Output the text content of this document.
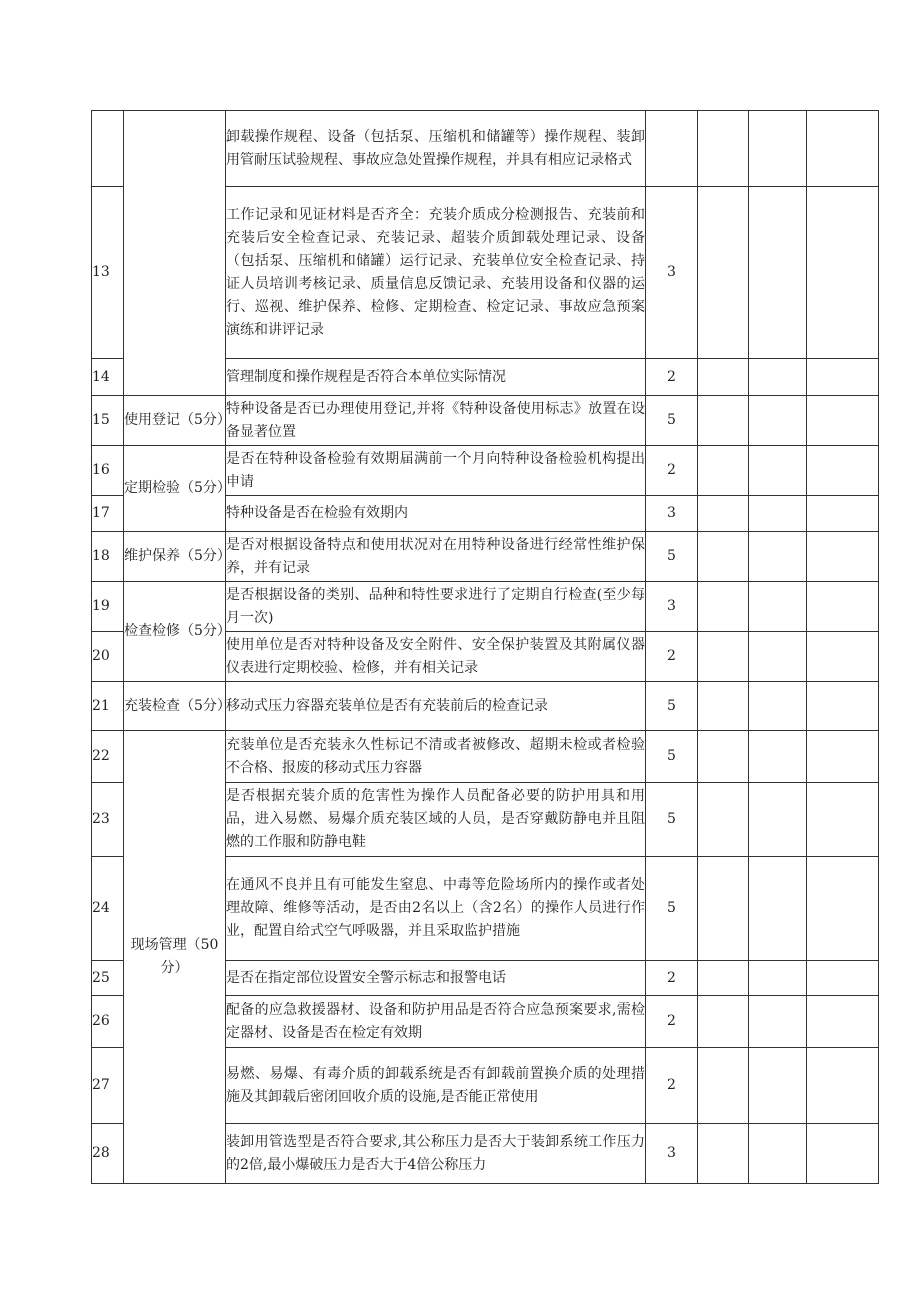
		卸载操作规程、设备（包括泵、压缩机和储罐等）操作规程、装卸用管耐压试验规程、事故应急处置操作规程，并具有相应记录格式				
13		工作记录和见证材料是否齐全：充装介质成分检测报告、充装前和充装后安全检查记录、充装记录、超装介质卸载处理记录、设备（包括泵、压缩机和储罐）运行记录、充装单位安全检查记录、持证人员培训考核记录、质量信息反馈记录、充装用设备和仪器的运行、巡视、维护保养、检修、定期检查、检定记录、事故应急预案演练和讲评记录	3			
14		管理制度和操作规程是否符合本单位实际情况	2			
15	使用登记（5分）	特种设备是否已办理使用登记,并将《特种设备使用标志》放置在设备显著位置	5			
16	定期检验（5分）	是否在特种设备检验有效期届满前一个月向特种设备检验机构提出申请	2			
17		特种设备是否在检验有效期内	3			
18	维护保养（5分）	是否对根据设备特点和使用状况对在用特种设备进行经常性维护保养，并有记录	5			
19	检查检修（5分）	是否根据设备的类别、品种和特性要求进行了定期自行检查(至少每月一次)	3			
20		使用单位是否对特种设备及安全附件、安全保护装置及其附属仪器仪表进行定期校验、检修，并有相关记录	2			
21	充装检查（5分）	移动式压力容器充装单位是否有充装前后的检查记录	5			
22	现场管理（50分）	充装单位是否充装永久性标记不清或者被修改、超期未检或者检验不合格、报废的移动式压力容器	5			
23		是否根据充装介质的危害性为操作人员配备必要的防护用具和用品，进入易燃、易爆介质充装区域的人员，是否穿戴防静电并且阻燃的工作服和防静电鞋	5			
24		在通风不良并且有可能发生窒息、中毒等危险场所内的操作或者处理故障、维修等活动，是否由2名以上（含2名）的操作人员进行作业，配置自给式空气呼吸器，并且采取监护措施	5			
25		是否在指定部位设置安全警示标志和报警电话	2			
26		配备的应急救援器材、设备和防护用品是否符合应急预案要求,需检定器材、设备是否在检定有效期	2			
27		易燃、易爆、有毒介质的卸载系统是否有卸载前置换介质的处理措施及其卸载后密闭回收介质的设施,是否能正常使用	2			
28		装卸用管选型是否符合要求,其公称压力是否大于装卸系统工作压力的2倍,最小爆破压力是否大于4倍公称压力	3			
